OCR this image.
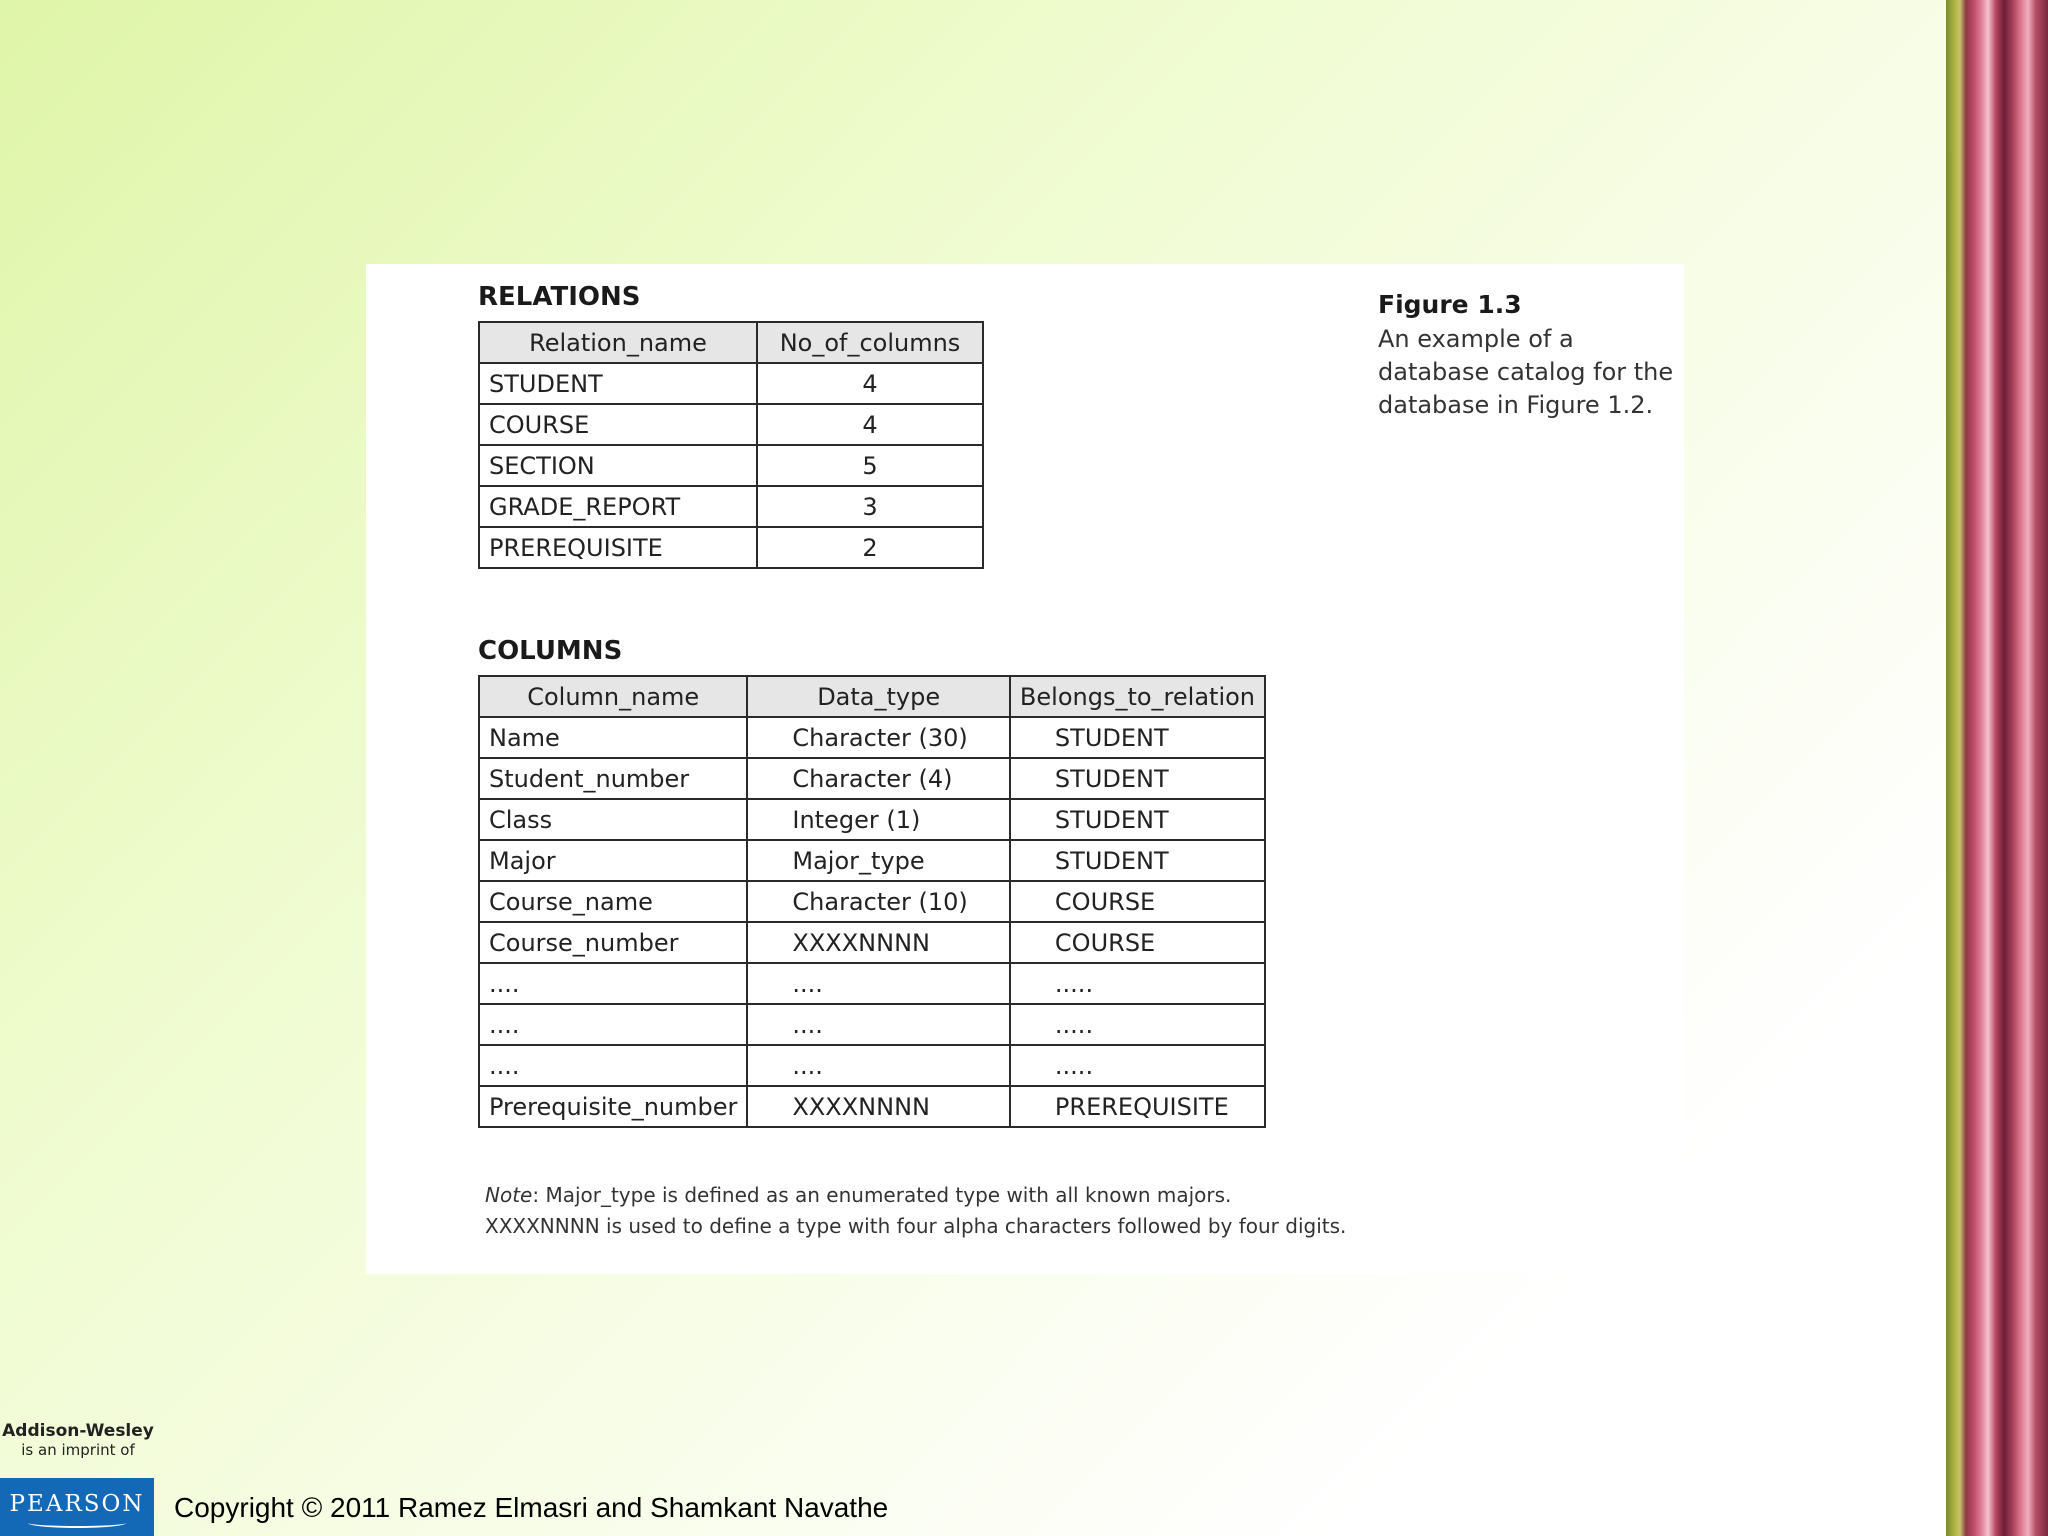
RELATIONS
Relation_name	No_of_columns
STUDENT	4
COURSE	4
SECTION	5
GRADE_REPORT	3
PREREQUISITE	2
COLUMNS
Column_name	Data_type	Belongs_to_relation
Name	Character (30)	STUDENT
Student_number	Character (4)	STUDENT
Class	Integer (1)	STUDENT
Major	Major_type	STUDENT
Course_name	Character (10)	COURSE
Course_number	XXXXNNNN	COURSE
....	....	.....
....	....	.....
....	....	.....
Prerequisite_number	XXXXNNNN	PREREQUISITE

Note: Major_type is defined as an enumerated type with all known majors.
XXXXNNNN is used to define a type with four alpha characters followed by four digits.

Figure 1.3
An example of a database catalog for the database in Figure 1.2.
Addison-Wesley
is an imprint of
PEARSON	Copyright © 2011 Ramez Elmasri and Shamkant Navathe
